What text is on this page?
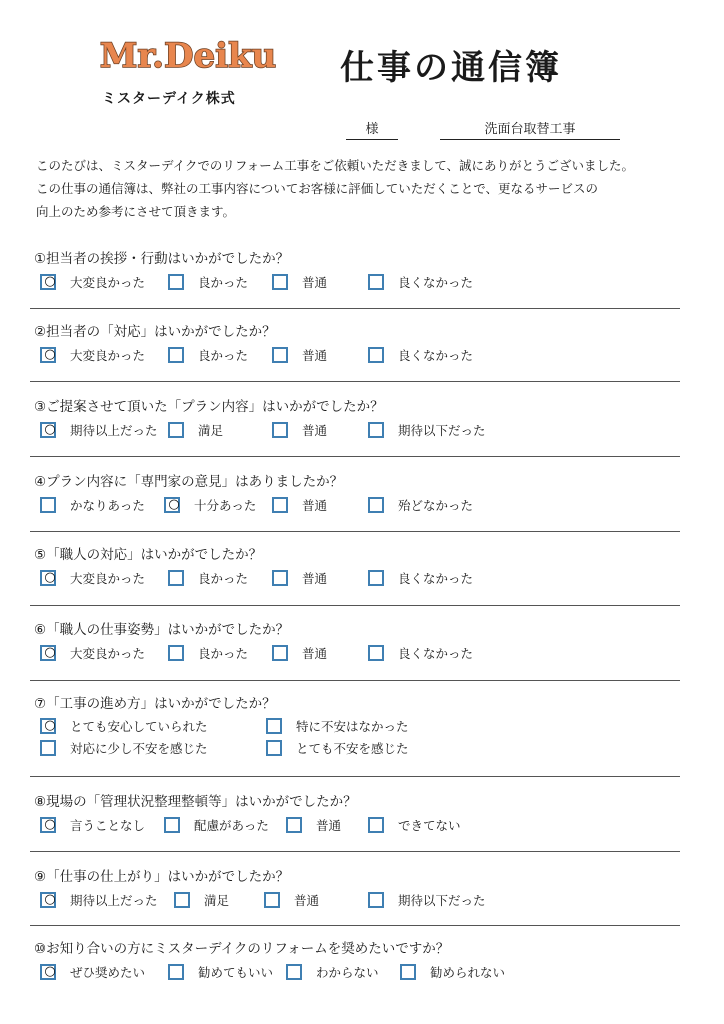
Mr.Deiku
ミスターデイク株式
仕事の通信簿
様	洗面台取替工事
このたびは、ミスターデイクでのリフォーム工事をご依頼いただきまして、誠にありがとうございました。
この仕事の通信簿は、弊社の工事内容についてお客様に評価していただくことで、更なるサービスの
向上のため参考にさせて頂きます。
①担当者の挨拶・行動はいかがでしたか？
○ 大変良かった	良かった	普通	良くなかった
②担当者の「対応」はいかがでしたか？
○ 大変良かった	良かった	普通	良くなかった
③ご提案させて頂いた「プラン内容」はいかがでしたか？
○ 期待以上だった	満足	普通	期待以下だった
④プラン内容に「専門家の意見」はありましたか？
かなりあった ○ 十分あった	普通	殆どなかった
⑤「職人の対応」はいかがでしたか？
○ 大変良かった	良かった	普通	良くなかった
⑥「職人の仕事姿勢」はいかがでしたか？
○ 大変良かった	良かった	普通	良くなかった
⑦「工事の進め方」はいかがでしたか？
○ とても安心していられた	特に不安はなかった
対応に少し不安を感じた	とても不安を感じた
⑧現場の「管理状況整理整頓等」はいかがでしたか？
○ 言うことなし	配慮があった	普通	できてない
⑨「仕事の仕上がり」はいかがでしたか？
○ 期待以上だった	満足	普通	期待以下だった
⑩お知り合いの方にミスターデイクのリフォームを奨めたいですか？
○ ぜひ奨めたい	勧めてもいい	わからない	勧められない
